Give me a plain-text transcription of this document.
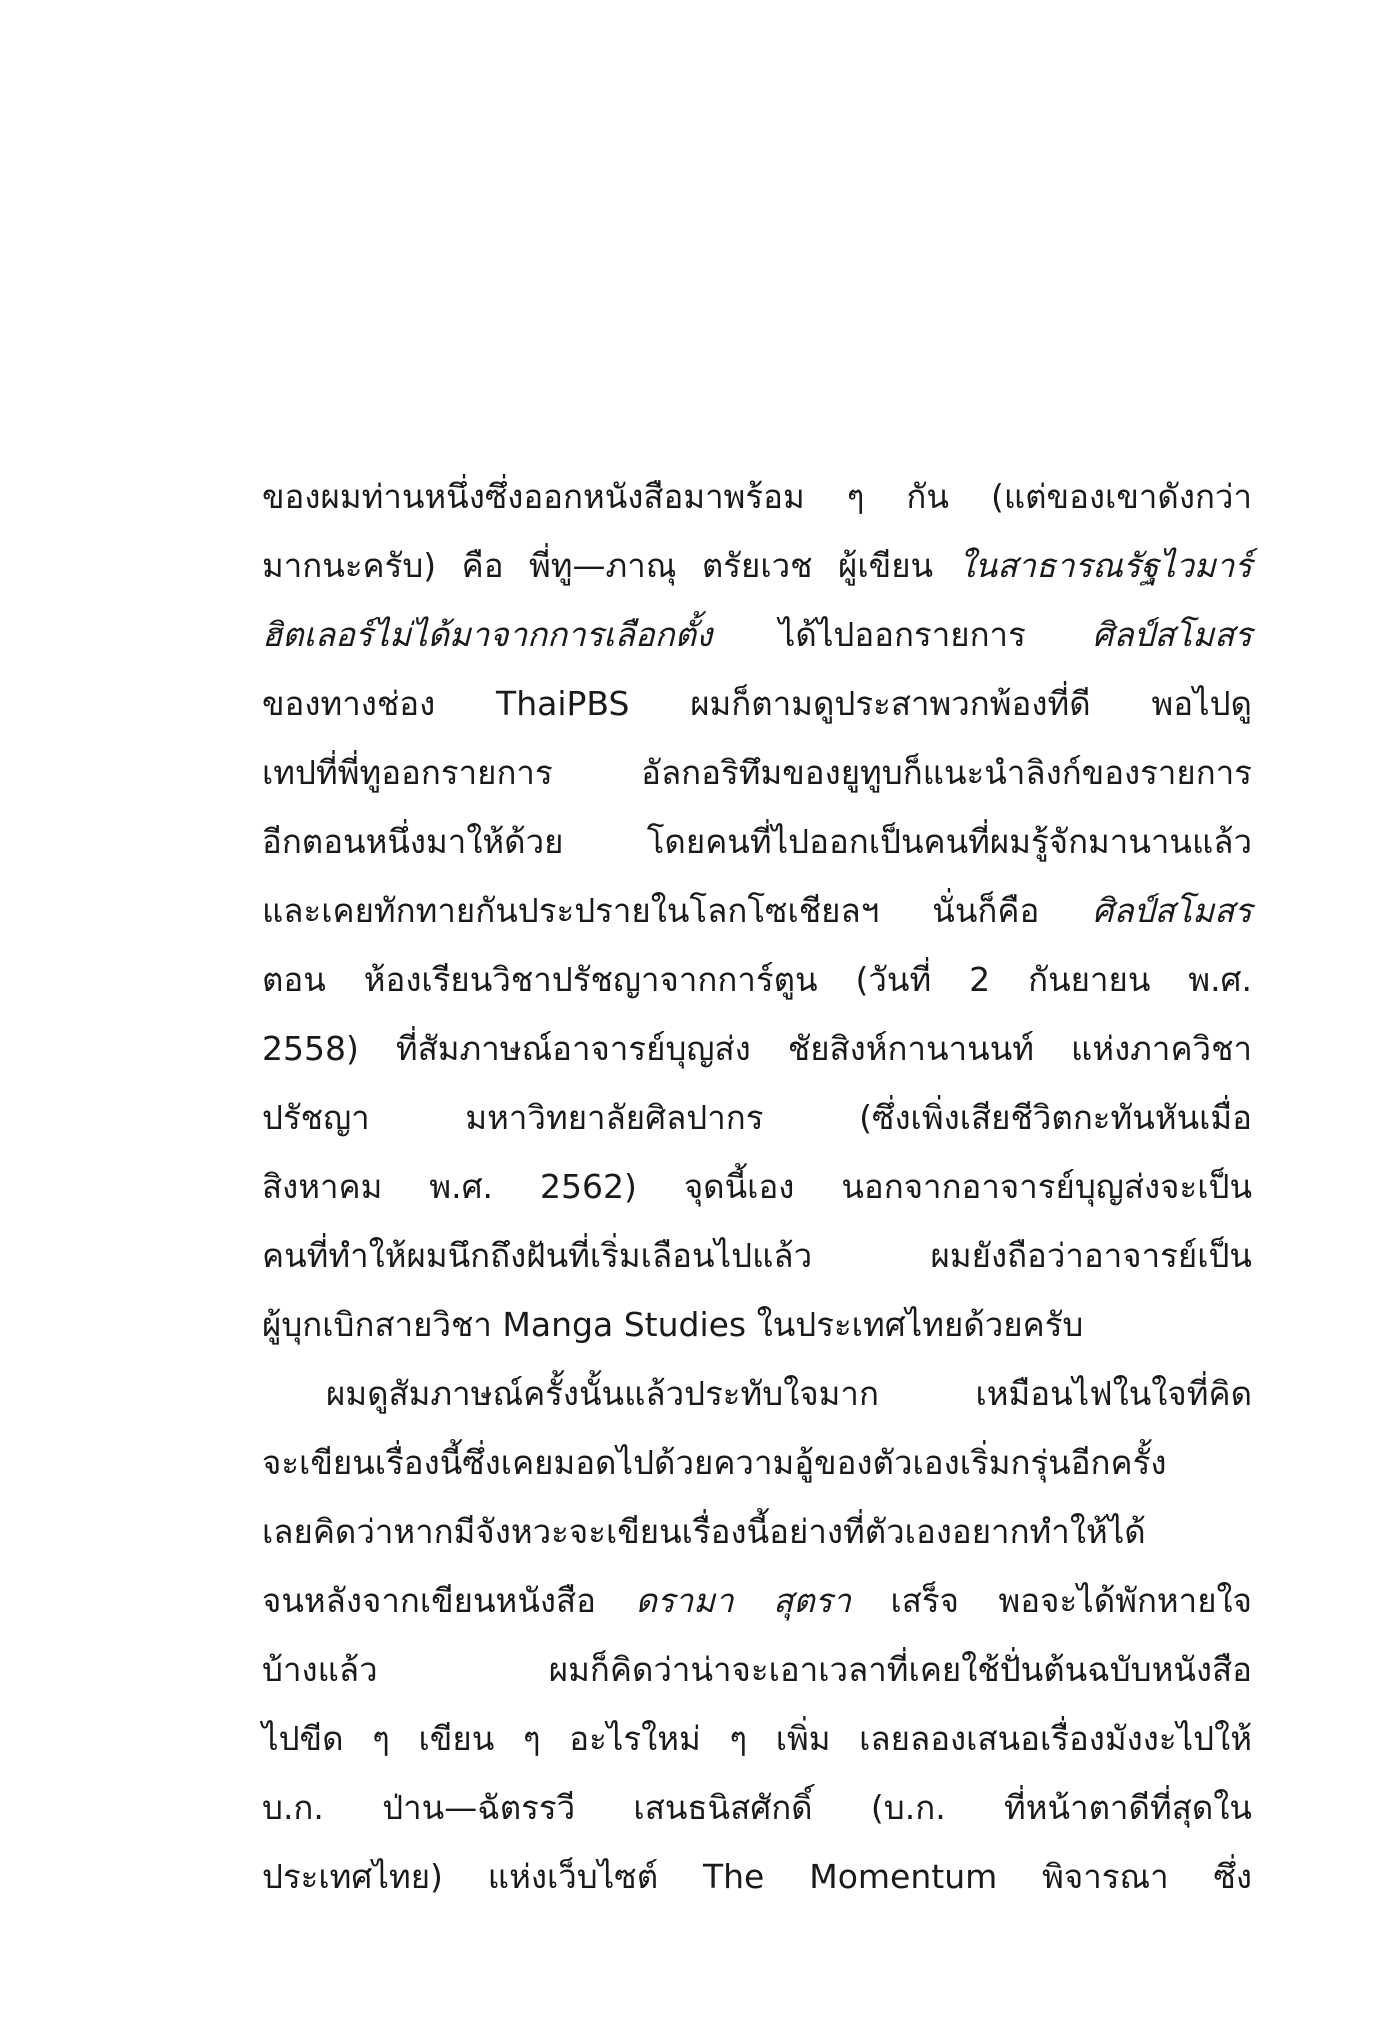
ของผมท่านหนึ่งซึ่งออกหนังสือมาพร้อม ๆ กัน (แต่ของเขาดังกว่า
มากนะครับ) คือ พี่ทู—ภาณุ ตรัยเวช ผู้เขียน ในสาธารณรัฐไวมาร์
ฮิตเลอร์ไม่ได้มาจากการเลือกตั้ง ได้ไปออกรายการ ศิลป์สโมสร
ของทางช่อง ThaiPBS ผมก็ตามดูประสาพวกพ้องที่ดี พอไปดู
เทปที่พี่ทูออกรายการ อัลกอริทึมของยูทูบก็แนะนำลิงก์ของรายการ
อีกตอนหนึ่งมาให้ด้วย โดยคนที่ไปออกเป็นคนที่ผมรู้จักมานานแล้ว
และเคยทักทายกันประปรายในโลกโซเชียลฯ นั่นก็คือ ศิลป์สโมสร
ตอน ห้องเรียนวิชาปรัชญาจากการ์ตูน (วันที่ 2 กันยายน พ.ศ.
2558) ที่สัมภาษณ์อาจารย์บุญส่ง ชัยสิงห์กานานนท์ แห่งภาควิชา
ปรัชญา มหาวิทยาลัยศิลปากร (ซึ่งเพิ่งเสียชีวิตกะทันหันเมื่อ
สิงหาคม พ.ศ. 2562) จุดนี้เอง นอกจากอาจารย์บุญส่งจะเป็น
คนที่ทำให้ผมนึกถึงฝันที่เริ่มเลือนไปแล้ว ผมยังถือว่าอาจารย์เป็น
ผู้บุกเบิกสายวิชา Manga Studies ในประเทศไทยด้วยครับ

ผมดูสัมภาษณ์ครั้งนั้นแล้วประทับใจมาก เหมือนไฟในใจที่คิด
จะเขียนเรื่องนี้ซึ่งเคยมอดไปด้วยความอู้ของตัวเองเริ่มกรุ่นอีกครั้ง
เลยคิดว่าหากมีจังหวะจะเขียนเรื่องนี้อย่างที่ตัวเองอยากทำให้ได้
จนหลังจากเขียนหนังสือ ดรามา สุตรา เสร็จ พอจะได้พักหายใจ
บ้างแล้ว ผมก็คิดว่าน่าจะเอาเวลาที่เคยใช้ปั่นต้นฉบับหนังสือ
ไปขีด ๆ เขียน ๆ อะไรใหม่ ๆ เพิ่ม เลยลองเสนอเรื่องมังงะไปให้
บ.ก. ป่าน—ฉัตรรวี เสนธนิสศักดิ์ (บ.ก. ที่หน้าตาดีที่สุดใน
ประเทศไทย) แห่งเว็บไซต์ The Momentum พิจารณา ซึ่ง
